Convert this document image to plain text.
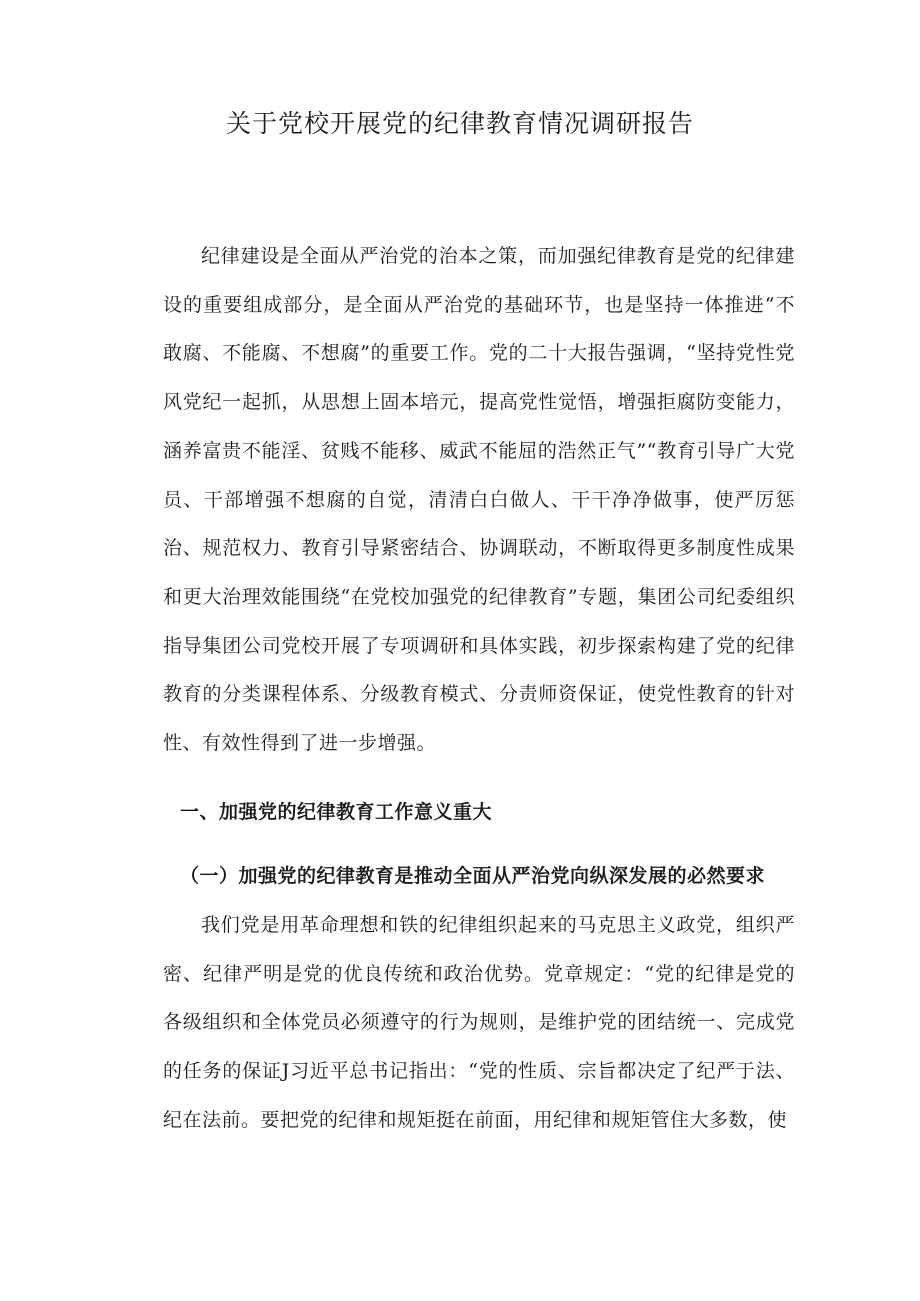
关于党校开展党的纪律教育情况调研报告

纪律建设是全面从严治党的治本之策，而加强纪律教育是党的纪律建设的重要组成部分，是全面从严治党的基础环节，也是坚持一体推进“不敢腐、不能腐、不想腐”的重要工作。党的二十大报告强调，“坚持党性党风党纪一起抓，从思想上固本培元，提高党性觉悟，增强拒腐防变能力，涵养富贵不能淫、贫贱不能移、威武不能屈的浩然正气”“教育引导广大党员、干部增强不想腐的自觉，清清白白做人、干干净净做事，使严厉惩治、规范权力、教育引导紧密结合、协调联动，不断取得更多制度性成果和更大治理效能围绕“在党校加强党的纪律教育”专题，集团公司纪委组织指导集团公司党校开展了专项调研和具体实践，初步探索构建了党的纪律教育的分类课程体系、分级教育模式、分责师资保证，使党性教育的针对性、有效性得到了进一步增强。

一、加强党的纪律教育工作意义重大
（一）加强党的纪律教育是推动全面从严治党向纵深发展的必然要求

我们党是用革命理想和铁的纪律组织起来的马克思主义政党，组织严密、纪律严明是党的优良传统和政治优势。党章规定：“党的纪律是党的各级组织和全体党员必须遵守的行为规则，是维护党的团结统一、完成党的任务的保证J习近平总书记指出：“党的性质、宗旨都决定了纪严于法、纪在法前。要把党的纪律和规矩挺在前面，用纪律和规矩管住大多数，使
